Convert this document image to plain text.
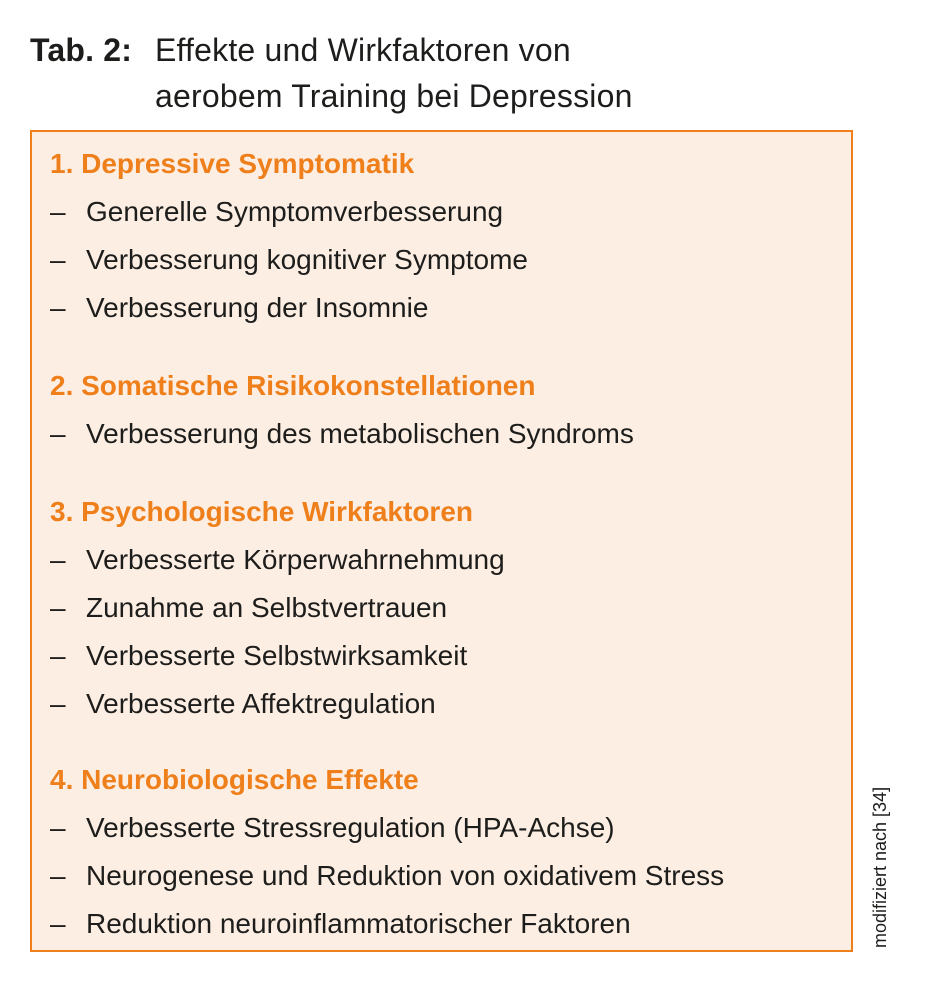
Tab. 2: Effekte und Wirkfaktoren von
aerobem Training bei Depression
1. Depressive Symptomatik
– Generelle Symptomverbesserung
– Verbesserung kognitiver Symptome
– Verbesserung der Insomnie
2. Somatische Risikokonstellationen
– Verbesserung des metabolischen Syndroms
3. Psychologische Wirkfaktoren
– Verbesserte Körperwahrnehmung
– Zunahme an Selbstvertrauen
– Verbesserte Selbstwirksamkeit
– Verbesserte Affektregulation
4. Neurobiologische Effekte
– Verbesserte Stressregulation (HPA-Achse)
– Neurogenese und Reduktion von oxidativem Stress
– Reduktion neuroinflammatorischer Faktoren	modifiziert nach [34]
